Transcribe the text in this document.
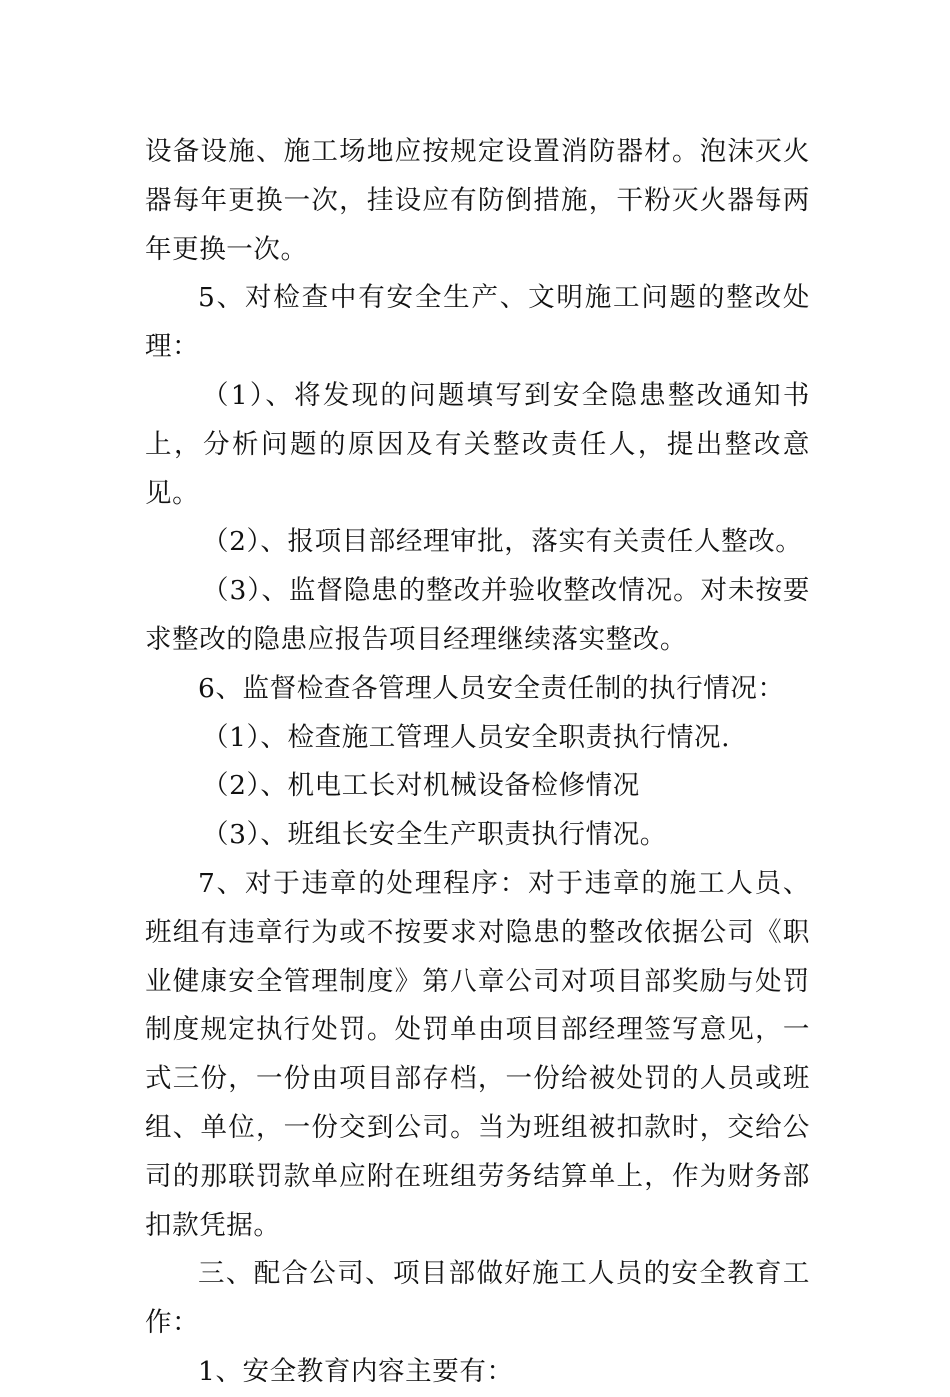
设备设施、施工场地应按规定设置消防器材。泡沫灭火器每年更换一次，挂设应有防倒措施，干粉灭火器每两年更换一次。

5、对检查中有安全生产、文明施工问题的整改处理：

（1）、将发现的问题填写到安全隐患整改通知书上，分析问题的原因及有关整改责任人，提出整改意见。

（2）、报项目部经理审批，落实有关责任人整改。

（3）、监督隐患的整改并验收整改情况。对未按要求整改的隐患应报告项目经理继续落实整改。

6、监督检查各管理人员安全责任制的执行情况：

（1）、检查施工管理人员安全职责执行情况.

（2）、机电工长对机械设备检修情况

（3）、班组长安全生产职责执行情况。

7、对于违章的处理程序：对于违章的施工人员、班组有违章行为或不按要求对隐患的整改依据公司《职业健康安全管理制度》第八章公司对项目部奖励与处罚制度规定执行处罚。处罚单由项目部经理签写意见，一式三份，一份由项目部存档，一份给被处罚的人员或班组、单位，一份交到公司。当为班组被扣款时，交给公司的那联罚款单应附在班组劳务结算单上，作为财务部扣款凭据。

三、配合公司、项目部做好施工人员的安全教育工作：

1、安全教育内容主要有：
